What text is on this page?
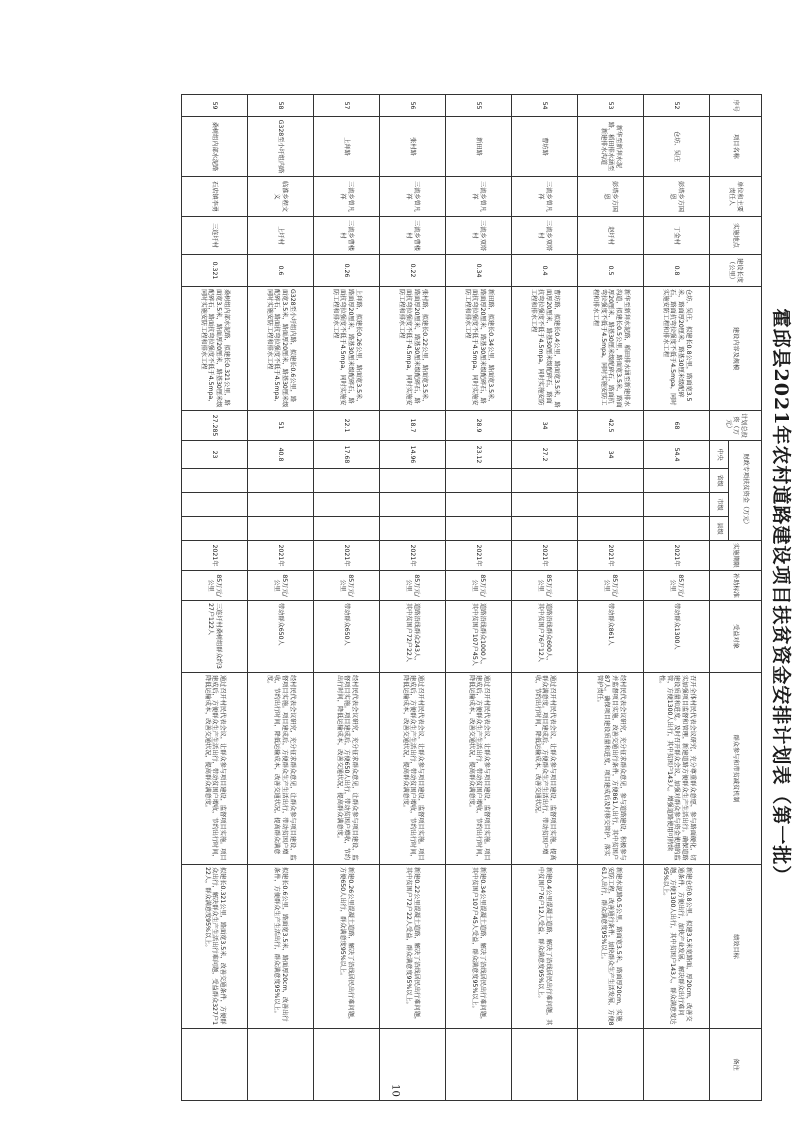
霍邱县2021年农村道路建设项目扶贫资金安排计划表（第一批）
序号	项目名称	单位和主要责任人	实施地点	建设长度（公里）	建设内容及规模	计划总投资（万元）	财政专项扶贫资金（万元）				实施期限	补助标准	受益对象	群众参与和带贫减贫机制	绩效目标	备注
							中央	省级	市级	县级						
52	仓坊、吴庄	彭塔乡方国恩	丁金村	0.8	仓坊、吴庄，拟建长0.8公里，路面宽3.5米，路面厚20厘米，路基30厘米级配碎石，路面抗弯拉强度不低于4.5mpa，同时实施安防工程和排水工程	68	54.4				2021年	85万元/公里	带动群众1300人	召开全体村民代表会议研究，充分尊重群众意愿，参与路面硬化，切实加强项目监督和管理，新建道路方便群众生产生活出行。确保道路建设质量和进度。及时召开群众会议，加强对群众参与资金使用的监管，方便1300人出行，其中贫困户143人。增强道路使用可持续性。	新建仓坊0.8公里，拟建3.5米宽路面，厚20cm，改善交通条件，方便出行，加快产业发展，解决群众出行难问题，方便1300人出行，其中贫困户143人，群众满意度达95%以上。	
53	新华至新拜水泥路、稻田排水涵至新建排水沟道	彭塔乡方国恩	赵圩村	0.5	新华至新拜水泥路，稻田排水涵至新建排水沟道，拟建长0.5公里，路面宽3.5米，路面厚20厘米，路基30厘米级配碎石，路面抗弯拉强度不低于4.5mpa，同时实施安防工程和排水工程	42.5	34				2021年	85万元/公里	带动群众861人	经村民代表会议研究，充分征求群众意见，参与道路建设，积极参与并监督项目实施，改善交通出行条件，方便861人出行，其中贫困户87人。确保项目建设质量和进度，项目建成后及时移交管护，落实管护责任。	新建水泥路0.5公里，路面宽3.5米，路面厚20cm，实施安防工程，改善通行条件，加快群众生产生活发展，方便861人出行，群众满意度95%以上。	
54	曹坊路	三流乡曾凡祥	三流乡双塔村	0.4	曹坊路，拟建长0.4公里，路面宽3.5米，路面厚20厘米，路基30厘米级配碎石，路面抗弯拉强度不低于4.5mpa，同时实施安防工程和排水工程	34	27.2				2021年	85万元/公里	道路沿线群众600人，其中贫困户76户12人	通过召开村民代表会议，让群众参与项目建设，监督项目实施，提高群众满意度。项目建成后，方便群众生产生活出行，带动贫困户增收，节约出行时间，降低运输成本，改善交通状况。	新建0.4公里混凝土道路，解决了沿线居民出行难问题，其中贫困户76户12人受益，群众满意度95%以上。	
55	新田路	三流乡曾凡祥	三流乡双塔村	0.34	新田路，拟建长0.34公里，路面宽3.5米，路面厚20厘米，路基30厘米级配碎石，路面抗弯拉强度不低于4.5mpa，同时实施安防工程和排水工程	28.9	23.12				2021年	85万元/公里	道路沿线群众1000人，其中贫困户107户45人	通过召开村民代表会议，让群众参与项目建设，监督项目实施。项目建成后，方便群众生产生活出行，带动贫困户增收，节约出行时间，降低运输成本，改善交通状况，提高群众满意度。	新建0.34公里混凝土道路，解决了沿线居民出行难问题，其中贫困户107户45人受益，群众满意度95%以上。	
56	张村路	三流乡曾凡祥	三流乡曹楼村	0.22	张村路，拟建长0.22公里，路面宽3.5米，路面厚20厘米，路基30厘米级配碎石，路面抗弯拉强度不低于4.5mpa，同时实施安防工程和排水工程	18.7	14.96				2021年	85万元/公里	道路沿线群众243人，其中贫困户72户22人	通过召开村民代表会议，让群众参与项目建设，监督项目实施。项目建成后，方便群众生产生活出行，带动贫困户增收，节约出行时间，降低运输成本，改善交通状况，提高群众满意度。	新建0.22公里混凝土道路，解决了沿线居民出行难问题，其中贫困户72户22人受益，群众满意度95%以上。	
57	上拜路	三流乡曾凡祥	三流乡曹楼村	0.26	上拜路，拟建长0.26公里，路面宽3.5米，路面厚20厘米，路基30厘米级配碎石，路面抗弯拉强度不低于4.5mpa，同时实施安防工程和排水工程	22.1	17.68				2021年	85万元/公里	带动群众650人	经村民代表会议研究，充分征求群众意见，让群众参与项目建设，监督项目实施。项目建成后，方便650人出行，带动贫困户增收，节约出行时间，降低运输成本，改善交通状况，提高群众满意度。	新建0.26公里混凝土道路，解决了沿线居民出行难问题，方便650人出行，群众满意度95%以上。	
58	G328至小圩组内路	临淮乡程文义	上圩村	0.6	G328至小圩组内路，拟建长0.6公里，路面宽3.5米，路面厚20厘米，路基30厘米级配碎石，路面抗弯拉强度不低于4.5mpa，同时实施安防工程和排水工程	51	40.8				2021年	85万元/公里	带动群众650人	经村民代表会议研究，充分征求群众意见，让群众参与项目建设，监督项目实施。项目建成后，方便群众生产生活出行，带动贫困户增收，节约出行时间，降低运输成本，改善交通状况，提高群众满意度。	拟建长0.6公里，路面宽3.5米，路面厚20cm，改善出行条件，方便群众生产生活出行，群众满意度95%以上。	
59	桑树组内部水泥路	石店镇李勇	三连圩村	0.321	桑树组内部水泥路，拟建长0.321公里，路面宽3.5米，路面厚20厘米，路基30厘米级配碎石，路面抗弯拉强度不低于4.5mpa，同时实施安防工程和排水工程	27.285	23				2021年	85万元/公里	三连圩村桑树组群众约327户122人	通过召开村民代表会议，让群众参与项目建设，监督项目实施。项目建成后，方便群众生产生活出行，带动贫困户增收，节约出行时间，降低运输成本，改善交通状况，提高群众满意度。	拟建长0.321公里，路面宽3.5米，改善交通条件，方便群众出行，解决群众生产生活出行难问题，受益群众327户122人，群众满意度95%以上。	
10
